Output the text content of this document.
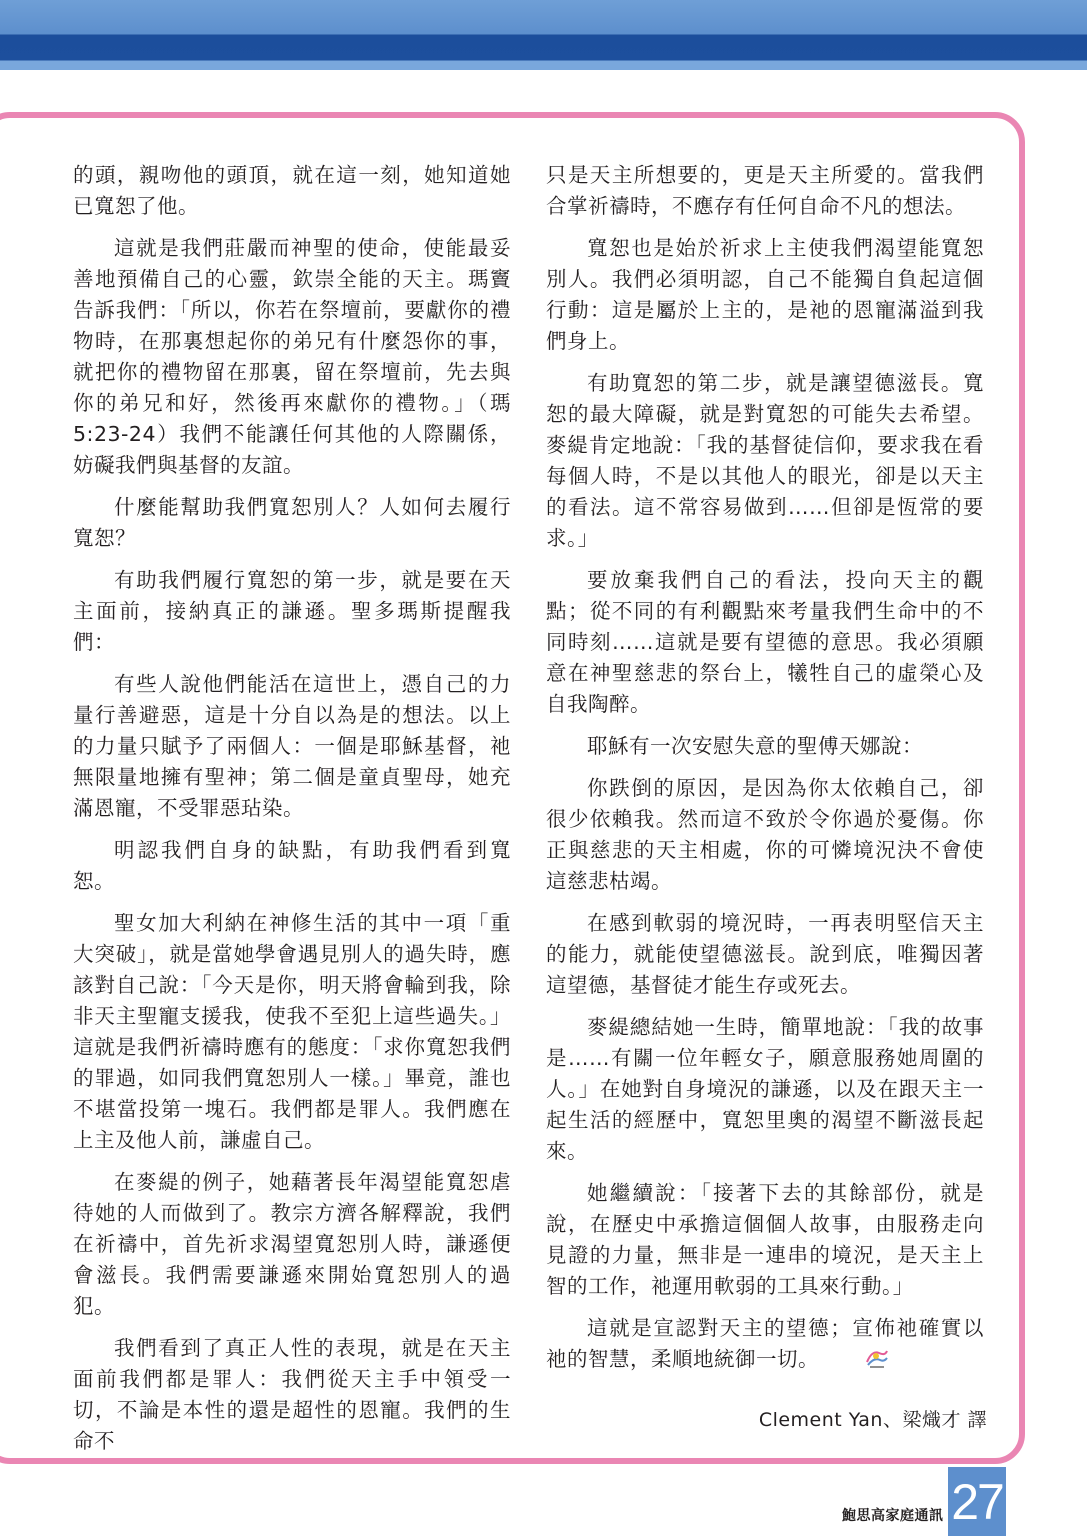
的頭，親吻他的頭頂，就在這一刻，她知道她已寬恕了他。

這就是我們莊嚴而神聖的使命，使能最妥善地預備自己的心靈，欽崇全能的天主。瑪竇告訴我們：「所以，你若在祭壇前，要獻你的禮物時，在那裏想起你的弟兄有什麼怨你的事，就把你的禮物留在那裏，留在祭壇前，先去與你的弟兄和好，然後再來獻你的禮物。」（瑪 5:23-24）我們不能讓任何其他的人際關係，妨礙我們與基督的友誼。

什麼能幫助我們寬恕別人？人如何去履行寬恕？

有助我們履行寬恕的第一步，就是要在天主面前，接納真正的謙遜。聖多瑪斯提醒我們：

有些人說他們能活在這世上，憑自己的力量行善避惡，這是十分自以為是的想法。以上的力量只賦予了兩個人：一個是耶穌基督，祂無限量地擁有聖神；第二個是童貞聖母，她充滿恩寵，不受罪惡玷染。

明認我們自身的缺點，有助我們看到寬恕。

聖女加大利納在神修生活的其中一項「重大突破」，就是當她學會遇見別人的過失時，應該對自己說：「今天是你，明天將會輪到我，除非天主聖寵支援我，使我不至犯上這些過失。」這就是我們祈禱時應有的態度：「求你寬恕我們的罪過，如同我們寬恕別人一樣。」畢竟，誰也不堪當投第一塊石。我們都是罪人。我們應在上主及他人前，謙虛自己。

在麥緹的例子，她藉著長年渴望能寬恕虐待她的人而做到了。教宗方濟各解釋說，我們在祈禱中，首先祈求渴望寬恕別人時，謙遜便會滋長。我們需要謙遜來開始寬恕別人的過犯。

我們看到了真正人性的表現，就是在天主面前我們都是罪人：我們從天主手中領受一切，不論是本性的還是超性的恩寵。我們的生命不

只是天主所想要的，更是天主所愛的。當我們合掌祈禱時，不應存有任何自命不凡的想法。

寬恕也是始於祈求上主使我們渴望能寬恕別人。我們必須明認，自己不能獨自負起這個行動：這是屬於上主的，是祂的恩寵滿溢到我們身上。

有助寬恕的第二步，就是讓望德滋長。寬恕的最大障礙，就是對寬恕的可能失去希望。麥緹肯定地說：「我的基督徒信仰，要求我在看每個人時，不是以其他人的眼光，卻是以天主的看法。這不常容易做到……但卻是恆常的要求。」

要放棄我們自己的看法，投向天主的觀點；從不同的有利觀點來考量我們生命中的不同時刻……這就是要有望德的意思。我必須願意在神聖慈悲的祭台上，犧牲自己的虛榮心及自我陶醉。

耶穌有一次安慰失意的聖傅天娜說：

你跌倒的原因，是因為你太依賴自己，卻很少依賴我。然而這不致於令你過於憂傷。你正與慈悲的天主相處，你的可憐境況決不會使這慈悲枯竭。

在感到軟弱的境況時，一再表明堅信天主的能力，就能使望德滋長。說到底，唯獨因著這望德，基督徒才能生存或死去。

麥緹總結她一生時，簡單地說：「我的故事是……有關一位年輕女子，願意服務她周圍的人。」在她對自身境況的謙遜，以及在跟天主一起生活的經歷中，寬恕里奧的渴望不斷滋長起來。

她繼續說：「接著下去的其餘部份，就是說，在歷史中承擔這個個人故事，由服務走向見證的力量，無非是一連串的境況，是天主上智的工作，祂運用軟弱的工具來行動。」

這就是宣認對天主的望德；宣佈祂確實以祂的智慧，柔順地統御一切。

Clement Yan、梁熾才 譯
鮑思高家庭通訊 27
